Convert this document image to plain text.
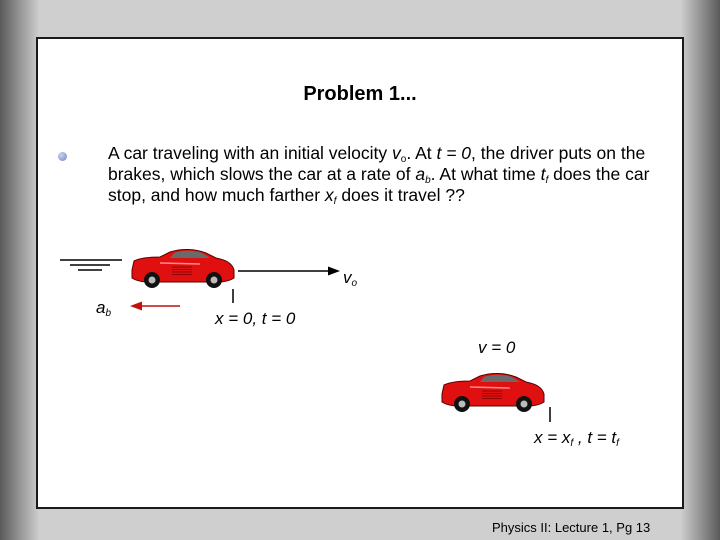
Problem 1...
A car traveling with an initial velocity $v_o$. At t = 0, the driver puts on the brakes, which slows the car at a rate of $a_b$. At what time $t_f$ does the car stop, and how much farther $x_f$ does it travel ??
$v_o$
$a_b$	x = 0, t = 0
v = 0
$x = x_f$ , $t = t_f$
Physics II: Lecture 1, Pg 13
